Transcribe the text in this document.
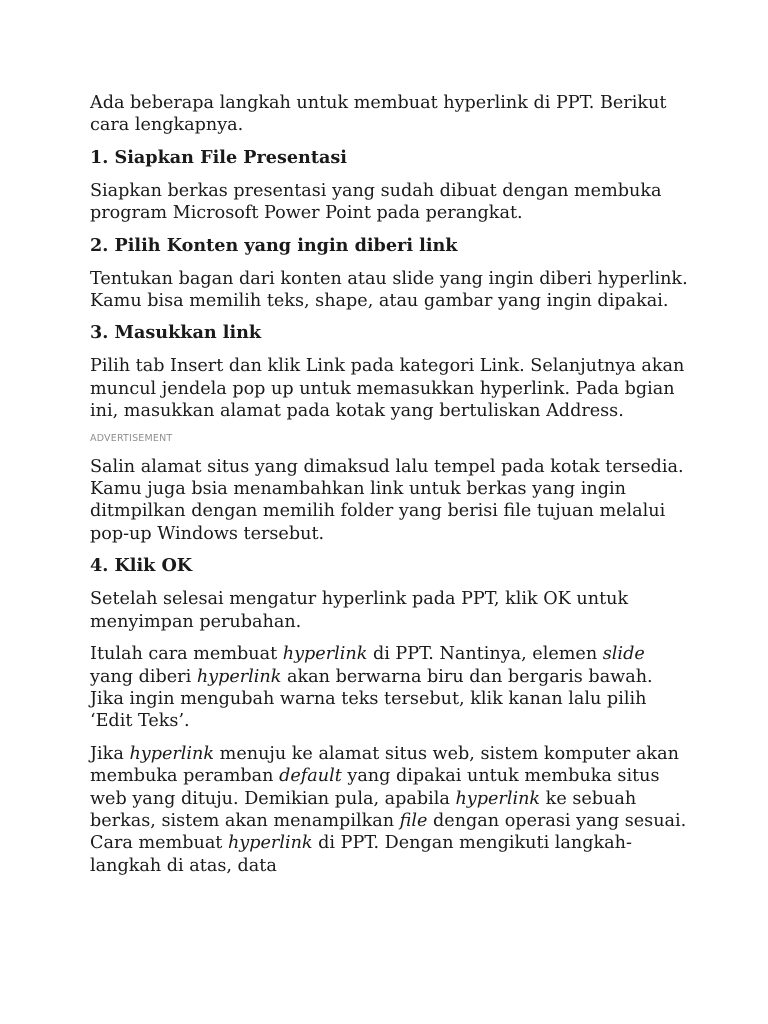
Ada beberapa langkah untuk membuat hyperlink di PPT. Berikut cara lengkapnya.

1. Siapkan File Presentasi

Siapkan berkas presentasi yang sudah dibuat dengan membuka program Microsoft Power Point pada perangkat.

2. Pilih Konten yang ingin diberi link

Tentukan bagan dari konten atau slide yang ingin diberi hyperlink. Kamu bisa memilih teks, shape, atau gambar yang ingin dipakai.

3. Masukkan link

Pilih tab Insert dan klik Link pada kategori Link. Selanjutnya akan muncul jendela pop up untuk memasukkan hyperlink. Pada bgian ini, masukkan alamat pada kotak yang bertuliskan Address.

ADVERTISEMENT

Salin alamat situs yang dimaksud lalu tempel pada kotak tersedia. Kamu juga bsia menambahkan link untuk berkas yang ingin ditmpilkan dengan memilih folder yang berisi file tujuan melalui pop-up Windows tersebut.

4. Klik OK

Setelah selesai mengatur hyperlink pada PPT, klik OK untuk menyimpan perubahan.

Itulah cara membuat hyperlink di PPT. Nantinya, elemen slide yang diberi hyperlink akan berwarna biru dan bergaris bawah. Jika ingin mengubah warna teks tersebut, klik kanan lalu pilih ‘Edit Teks’.

Jika hyperlink menuju ke alamat situs web, sistem komputer akan membuka peramban default yang dipakai untuk membuka situs web yang dituju. Demikian pula, apabila hyperlink ke sebuah berkas, sistem akan menampilkan file dengan operasi yang sesuai. Cara membuat hyperlink di PPT. Dengan mengikuti langkah-langkah di atas, data
